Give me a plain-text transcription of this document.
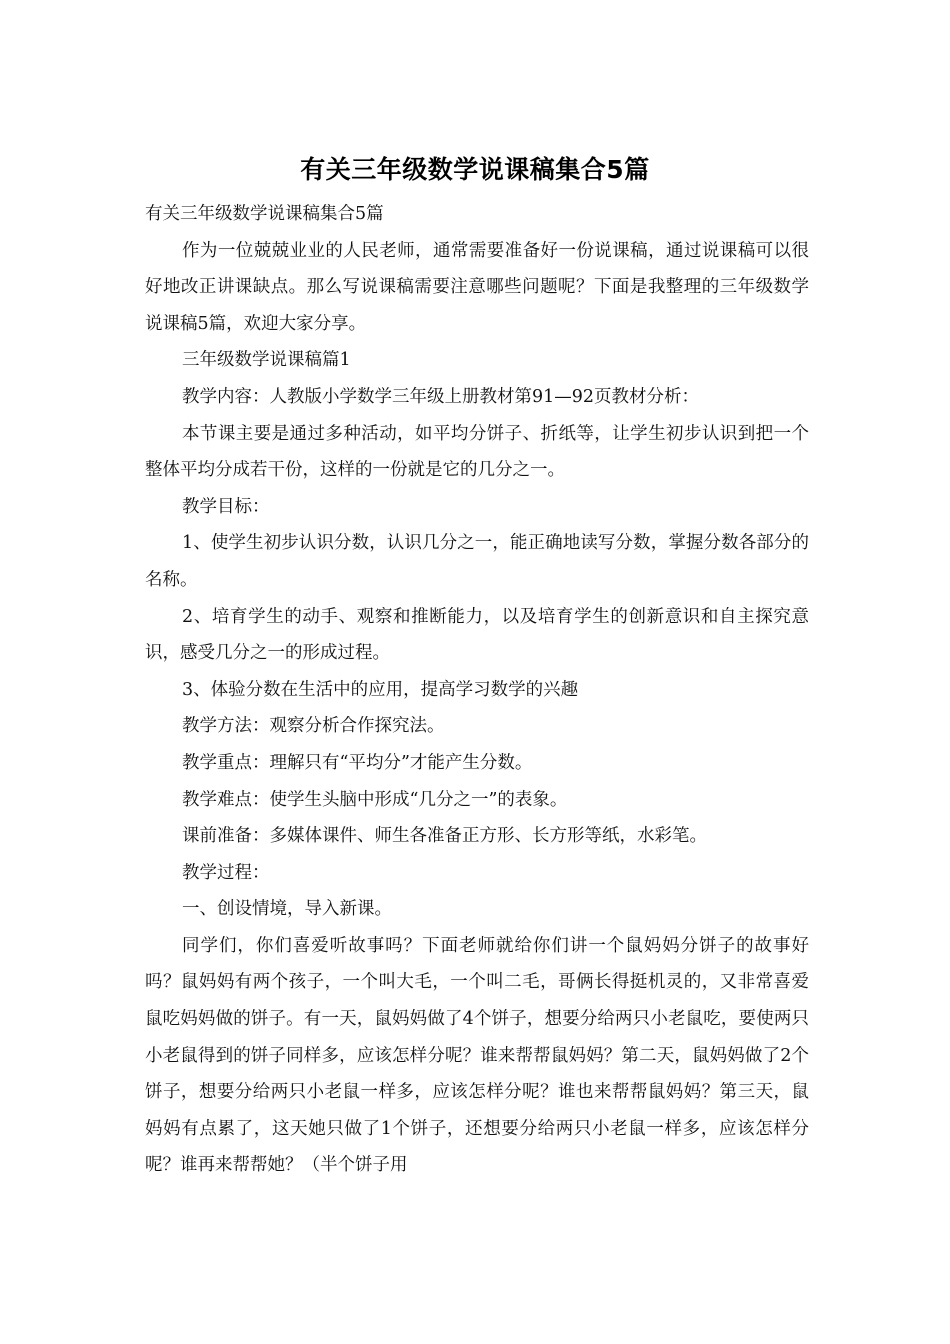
有关三年级数学说课稿集合5篇

有关三年级数学说课稿集合5篇

作为一位兢兢业业的人民老师，通常需要准备好一份说课稿，通过说课稿可以很好地改正讲课缺点。那么写说课稿需要注意哪些问题呢？下面是我整理的三年级数学说课稿5篇，欢迎大家分享。

三年级数学说课稿篇1

教学内容：人教版小学数学三年级上册教材第91—92页教材分析：

本节课主要是通过多种活动，如平均分饼子、折纸等，让学生初步认识到把一个整体平均分成若干份，这样的一份就是它的几分之一。

教学目标：

1、使学生初步认识分数，认识几分之一，能正确地读写分数，掌握分数各部分的名称。

2、培育学生的动手、观察和推断能力，以及培育学生的创新意识和自主探究意识，感受几分之一的形成过程。

3、体验分数在生活中的应用，提高学习数学的兴趣

教学方法：观察分析合作探究法。

教学重点：理解只有“平均分”才能产生分数。

教学难点：使学生头脑中形成“几分之一”的表象。

课前准备：多媒体课件、师生各准备正方形、长方形等纸，水彩笔。

教学过程：

一、创设情境，导入新课。

同学们，你们喜爱听故事吗？下面老师就给你们讲一个鼠妈妈分饼子的故事好吗？鼠妈妈有两个孩子，一个叫大毛，一个叫二毛，哥俩长得挺机灵的，又非常喜爱鼠吃妈妈做的饼子。有一天，鼠妈妈做了4个饼子，想要分给两只小老鼠吃，要使两只小老鼠得到的饼子同样多，应该怎样分呢？谁来帮帮鼠妈妈？第二天，鼠妈妈做了2个饼子，想要分给两只小老鼠一样多，应该怎样分呢？谁也来帮帮鼠妈妈？第三天，鼠妈妈有点累了，这天她只做了1个饼子，还想要分给两只小老鼠一样多，应该怎样分呢？谁再来帮帮她？（半个饼子用
